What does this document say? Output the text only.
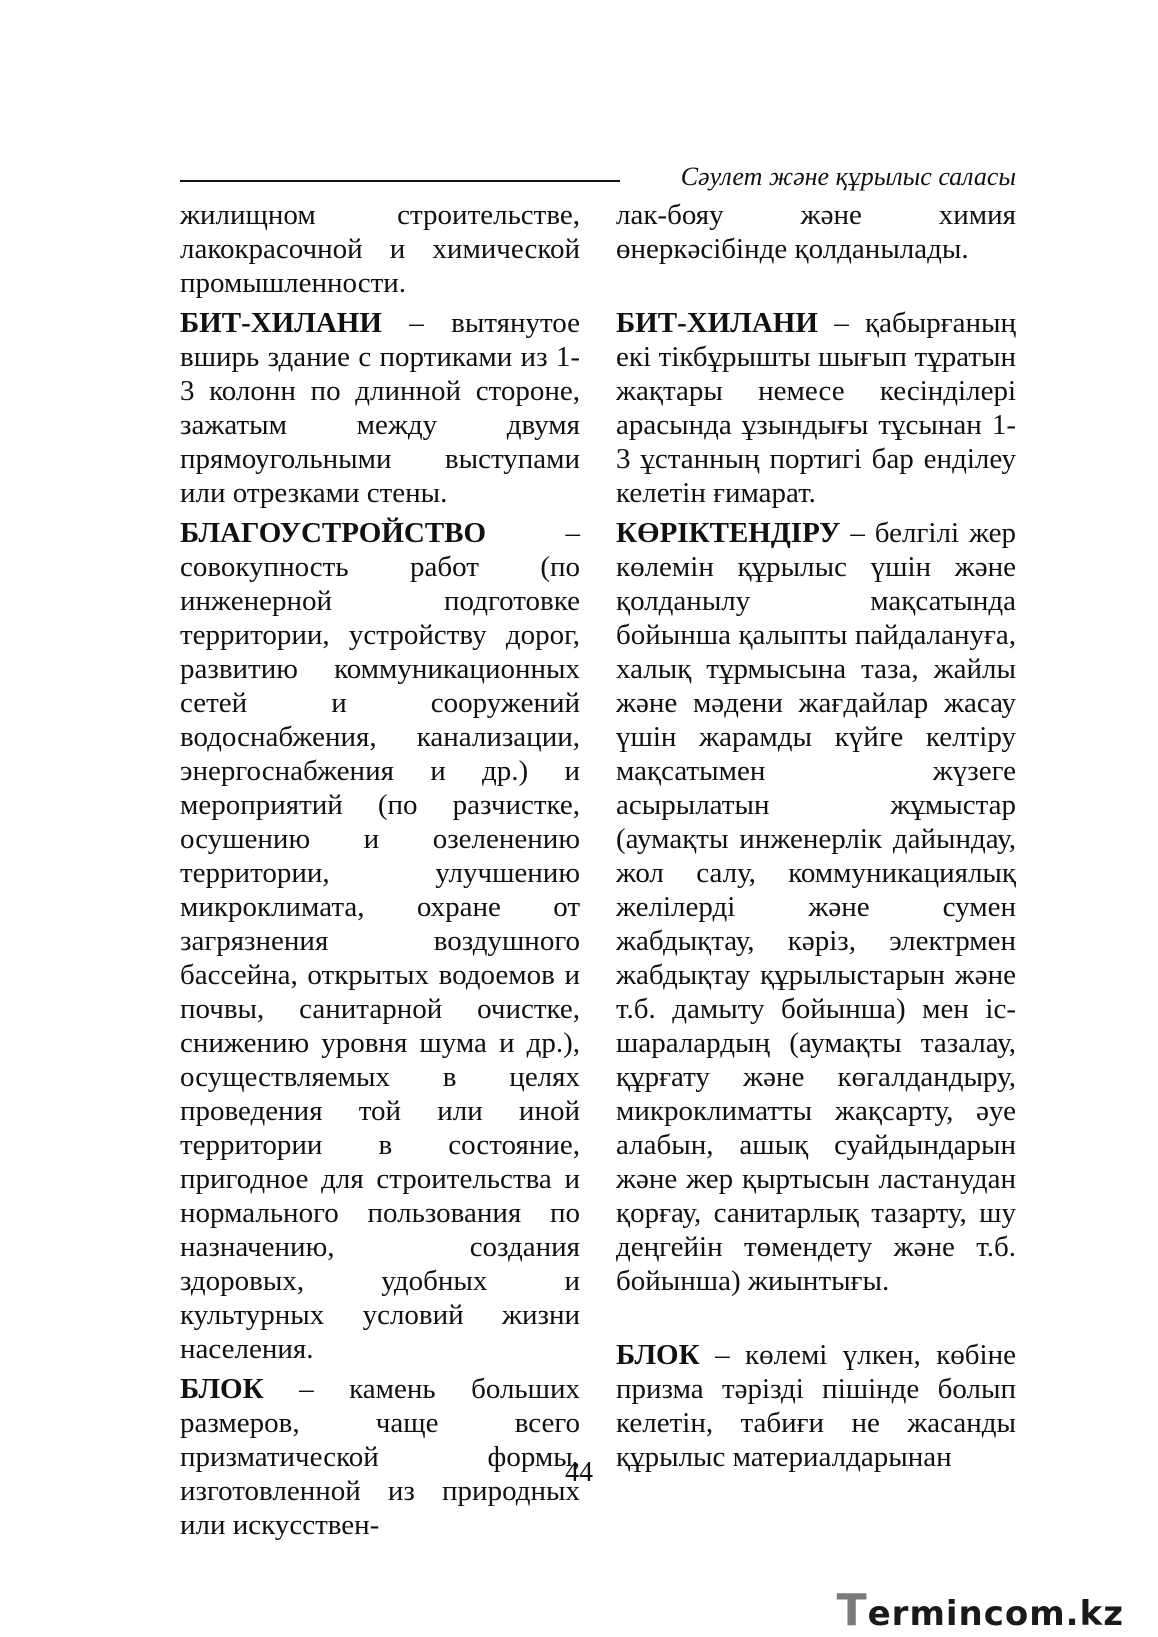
Сәулет және құрылыс саласы

жилищном строительстве, лакокрасочной и химической промышленности.

БИТ-ХИЛАНИ – вытянутое вширь здание с портиками из 1-3 колонн по длинной стороне, зажатым между двумя прямоугольными выступами или отрезками стены.

БЛАГОУСТРОЙСТВО – совокупность работ (по инженерной подготовке территории, устройству дорог, развитию коммуникационных сетей и сооружений водоснабжения, канализации, энергоснабжения и др.) и мероприятий (по разчистке, осушению и озеленению территории, улучшению микроклимата, охране от загрязнения воздушного бассейна, открытых водоемов и почвы, санитарной очистке, снижению уровня шума и др.), осуществляемых в целях проведения той или иной территории в состояние, пригодное для строительства и нормального пользования по назначению, создания здоровых, удобных и культурных условий жизни населения.

БЛОК – камень больших размеров, чаще всего призматической формы, изготовленной из природных или искусствен-

лак-бояу және химия өнеркәсібінде қолданылады.

БИТ-ХИЛАНИ – қабырғаның екі тікбұрышты шығып тұратын жақтары немесе кесінділері арасында ұзындығы тұсынан 1-3 ұстанның портигі бар енділеу келетін ғимарат.

КӨРІКТЕНДІРУ – белгілі жер көлемін құрылыс үшін және қолданылу мақсатында бойынша қалыпты пайдалануға, халық тұрмысына таза, жайлы және мәдени жағдайлар жасау үшін жарамды күйге келтіру мақсатымен жүзеге асырылатын жұмыстар (аумақты инженерлік дайындау, жол салу, коммуникациялық желілерді және сумен жабдықтау, кәріз, электрмен жабдықтау құрылыстарын және т.б. дамыту бойынша) мен іс-шаралардың (аумақты тазалау, құрғату және көгалдандыру, микроклиматты жақсарту, әуе алабын, ашық суайдындарын және жер қыртысын ластанудан қорғау, санитарлық тазарту, шу деңгейін төмендету және т.б. бойынша) жиынтығы.

БЛОК – көлемі үлкен, көбіне призма тәрізді пішінде болып келетін, табиғи не жасанды құрылыс материалдарынан

44
Termincom.kz
